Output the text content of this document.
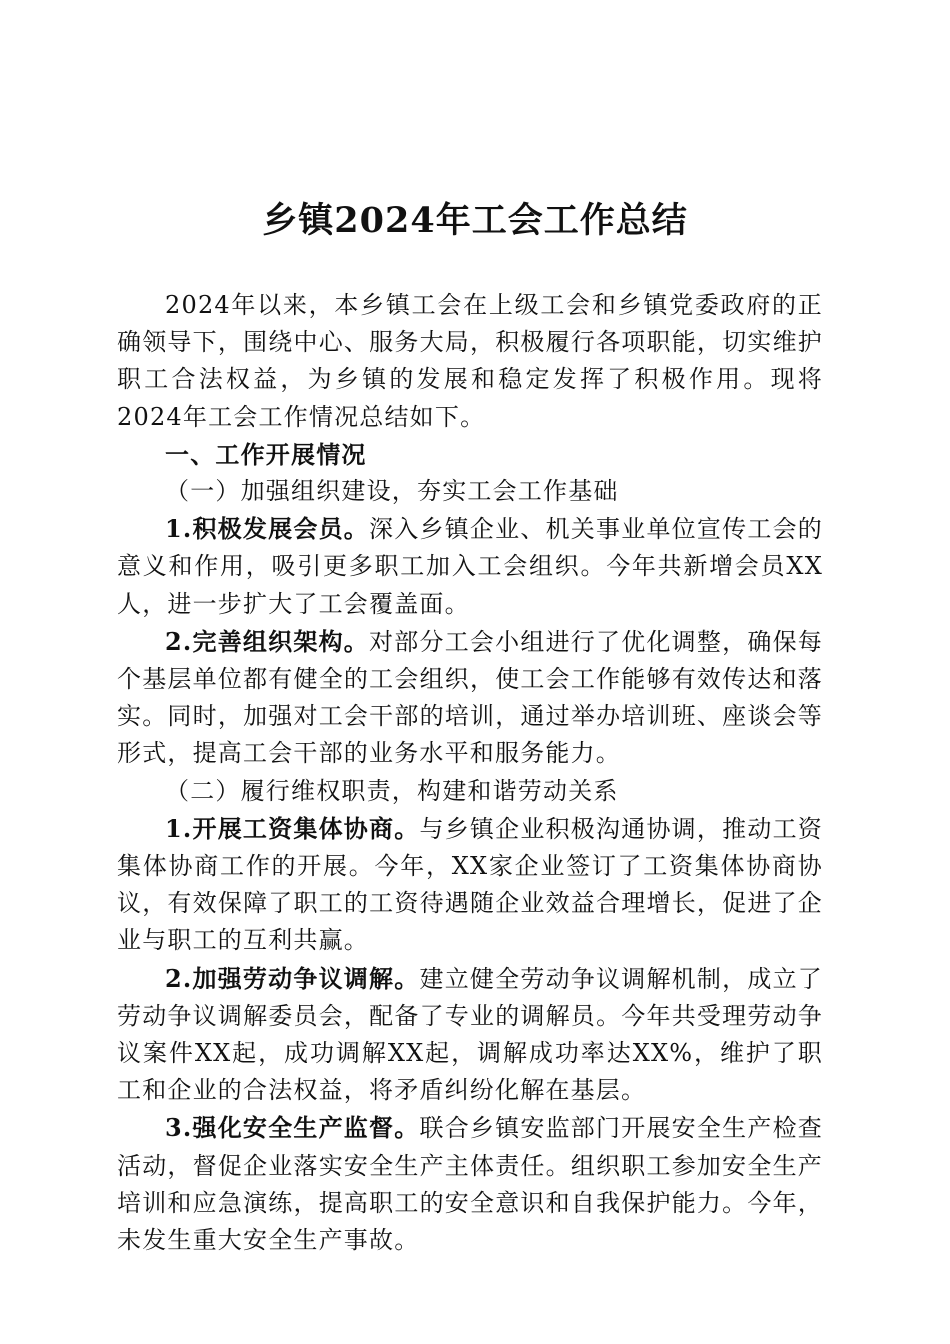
乡镇2024年工会工作总结

2024年以来，本乡镇工会在上级工会和乡镇党委政府的正确领导下，围绕中心、服务大局，积极履行各项职能，切实维护职工合法权益，为乡镇的发展和稳定发挥了积极作用。现将2024年工会工作情况总结如下。

一、工作开展情况

（一）加强组织建设，夯实工会工作基础

1.积极发展会员。深入乡镇企业、机关事业单位宣传工会的意义和作用，吸引更多职工加入工会组织。今年共新增会员XX人，进一步扩大了工会覆盖面。

2.完善组织架构。对部分工会小组进行了优化调整，确保每个基层单位都有健全的工会组织，使工会工作能够有效传达和落实。同时，加强对工会干部的培训，通过举办培训班、座谈会等形式，提高工会干部的业务水平和服务能力。

（二）履行维权职责，构建和谐劳动关系

1.开展工资集体协商。与乡镇企业积极沟通协调，推动工资集体协商工作的开展。今年，XX家企业签订了工资集体协商协议，有效保障了职工的工资待遇随企业效益合理增长，促进了企业与职工的互利共赢。

2.加强劳动争议调解。建立健全劳动争议调解机制，成立了劳动争议调解委员会，配备了专业的调解员。今年共受理劳动争议案件XX起，成功调解XX起，调解成功率达XX%，维护了职工和企业的合法权益，将矛盾纠纷化解在基层。

3.强化安全生产监督。联合乡镇安监部门开展安全生产检查活动，督促企业落实安全生产主体责任。组织职工参加安全生产培训和应急演练，提高职工的安全意识和自我保护能力。今年，未发生重大安全生产事故。
